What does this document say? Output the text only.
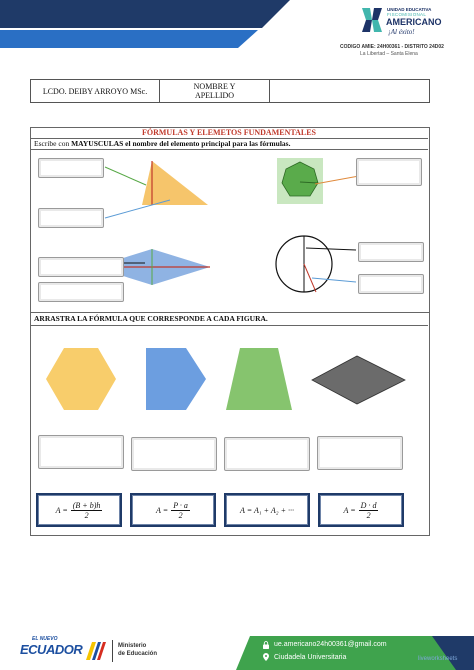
UNIDAD EDUCATIVA
FISCOMISIONAL
AMERICANO
¡Al éxito!
CODIGO AMIE: 24H00361 - DISTRITO 24D02
La Libertad – Santa Elena
LCDO. DEIBY ARROYO MSc.	NOMBRE Y APELLIDO
FÓRMULAS Y ELEMETOS FUNDAMENTALES
Escribe con MAYUSCULAS el nombre del elemento principal para las fórmulas.
ARRASTRA LA FÓRMULA QUE CORRESPONDE A CADA FIGURA.
$A = \frac{(B + b)h}{2}$	$A = \frac{P \cdot a}{2}$	A = A₁ + A₂ + ···	$A = \frac{D \cdot d}{2}$
EL NUEVO
ECUADOR	Ministerio
de Educación
ue.americano24h00361@gmail.com
Ciudadela Universitaria	liveworksheets
